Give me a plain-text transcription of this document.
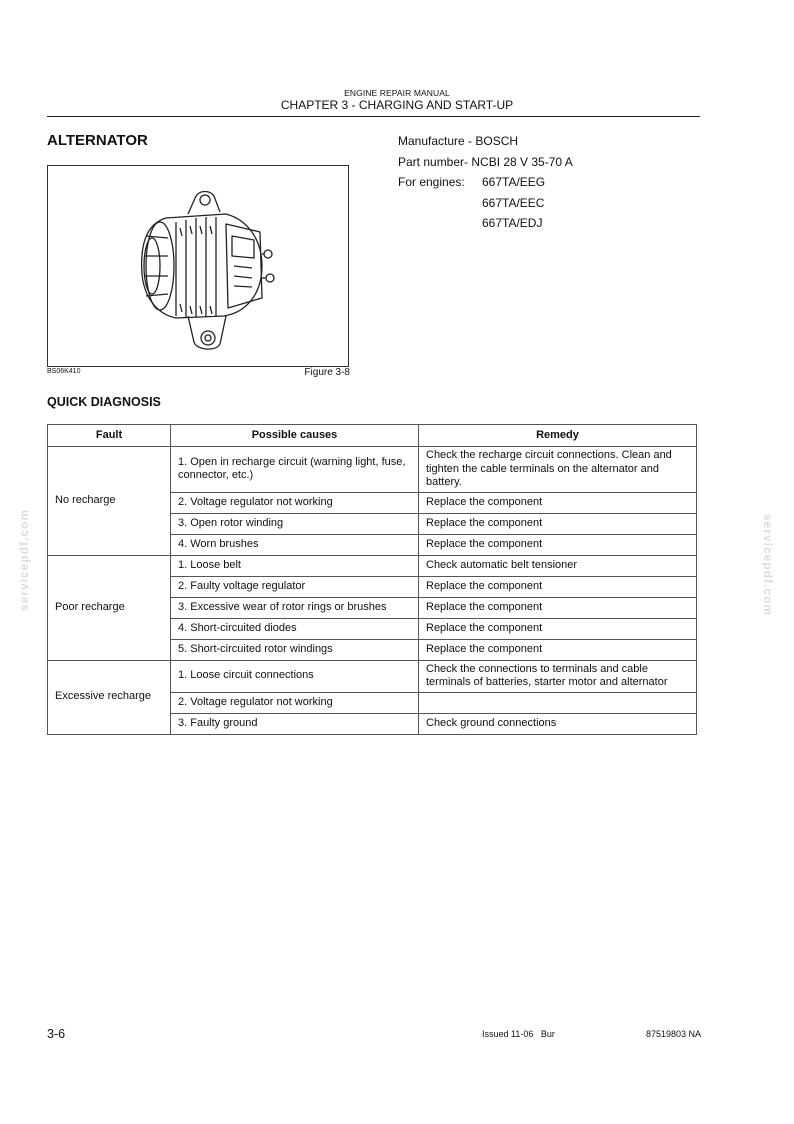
ENGINE REPAIR MANUAL
CHAPTER 3 - CHARGING AND START-UP
ALTERNATOR	Manufacture - BOSCH
Part number- NCBI 28 V 35-70 A
For engines:	667TA/EEG
667TA/EEC
667TA/EDJ
BS06K410	Figure 3-8
QUICK DIAGNOSIS
Fault	Possible causes	Remedy
No recharge	1. Open in recharge circuit (warning light, fuse, connector, etc.)	Check the recharge circuit connections. Clean and tighten the cable terminals on the alternator and battery.
	2. Voltage regulator not working	Replace the component
	3. Open rotor winding	Replace the component
	4. Worn brushes	Replace the component
Poor recharge	1. Loose belt	Check automatic belt tensioner
	2. Faulty voltage regulator	Replace the component
	3. Excessive wear of rotor rings or brushes	Replace the component
	4. Short-circuited diodes	Replace the component
	5. Short-circuited rotor windings	Replace the component
Excessive recharge	1. Loose circuit connections	Check the connections to terminals and cable terminals of batteries, starter motor and alternator
	2. Voltage regulator not working	
	3. Faulty ground	Check ground connections
servicepdf.com	servicepdf.com
3-6	Issued 11-06   Bur	87519803 NA
